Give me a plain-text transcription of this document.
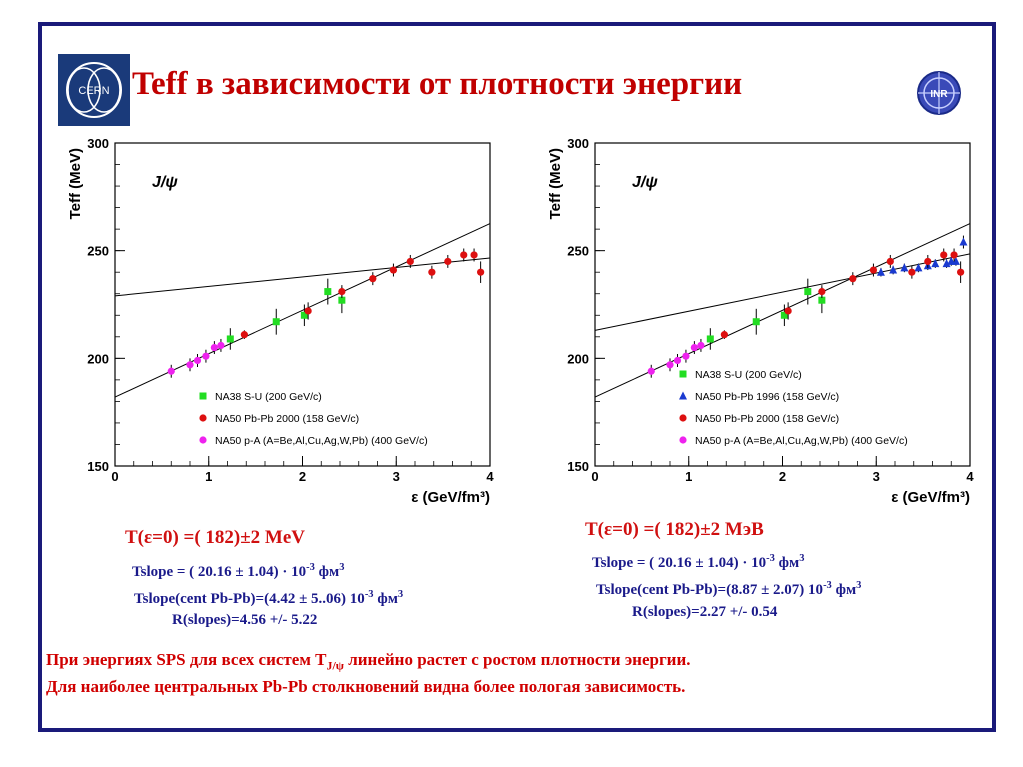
CERN Teff в зависимости от плотности энергии	INR
150
200
250
300
0	1	2	3	4
ε (GeV/fm³)
Teff (MeV)	J/ψ
NA38 S-U (200 GeV/c)
NA50 Pb-Pb 2000 (158 GeV/c)
NA50 p-A (A=Be,Al,Cu,Ag,W,Pb) (400 GeV/c)
150
200
250
300
0	1	2	3	4
ε (GeV/fm³)
Teff (MeV)	J/ψ
NA38 S-U (200 GeV/c)
NA50 Pb-Pb 1996 (158 GeV/c)
NA50 Pb-Pb 2000 (158 GeV/c)
NA50 p-A (A=Be,Al,Cu,Ag,W,Pb) (400 GeV/c)
T(ε=0) =( 182)±2 MeV
Tslope = ( $20.16 \pm 1.04) \cdot 10^{-3}$ $фм^3$
Tslope(cent Pb-Pb)=(4.42 ± 5..06) $10^{-3}$ $фм^3$
R(slopes)=4.56 +/- 5.22
T(ε=0) =( 182)±2 MэВ
Tslope = ( $20.16 \pm 1.04) \cdot 10^{-3}$ $фм^3$
Tslope(cent Pb-Pb)=(8.87 ± 2.07) $10^{-3}$ $фм^3$
R(slopes)=2.27 +/- 0.54
При энергиях SPS для всех систем $T_{J/\psi}$ линейно растет с ростом плотности энергии.
Для наиболее центральных Pb-Pb столкновений видна более пологая зависимость.
